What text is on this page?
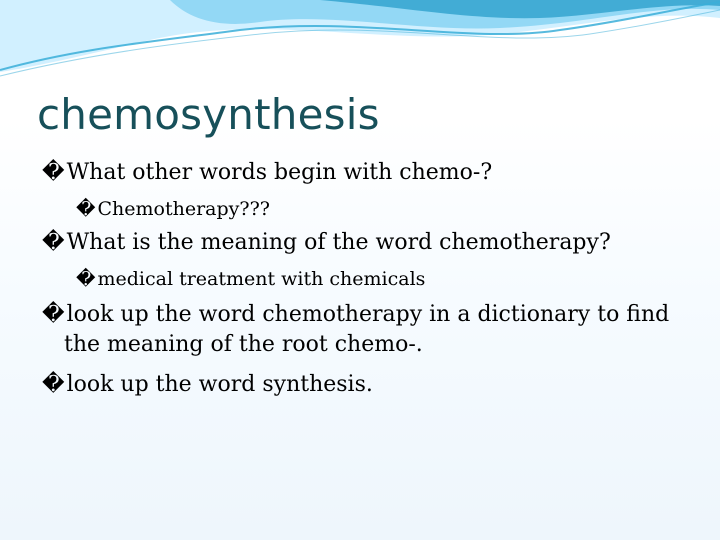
chemosynthesis
�What other words begin with chemo-?
� Chemotherapy???
�What is the meaning of the word chemotherapy?
� medical treatment with chemicals
�look up the word chemotherapy in a dictionary to find
the meaning of the root chemo-.
�look up the word synthesis.
